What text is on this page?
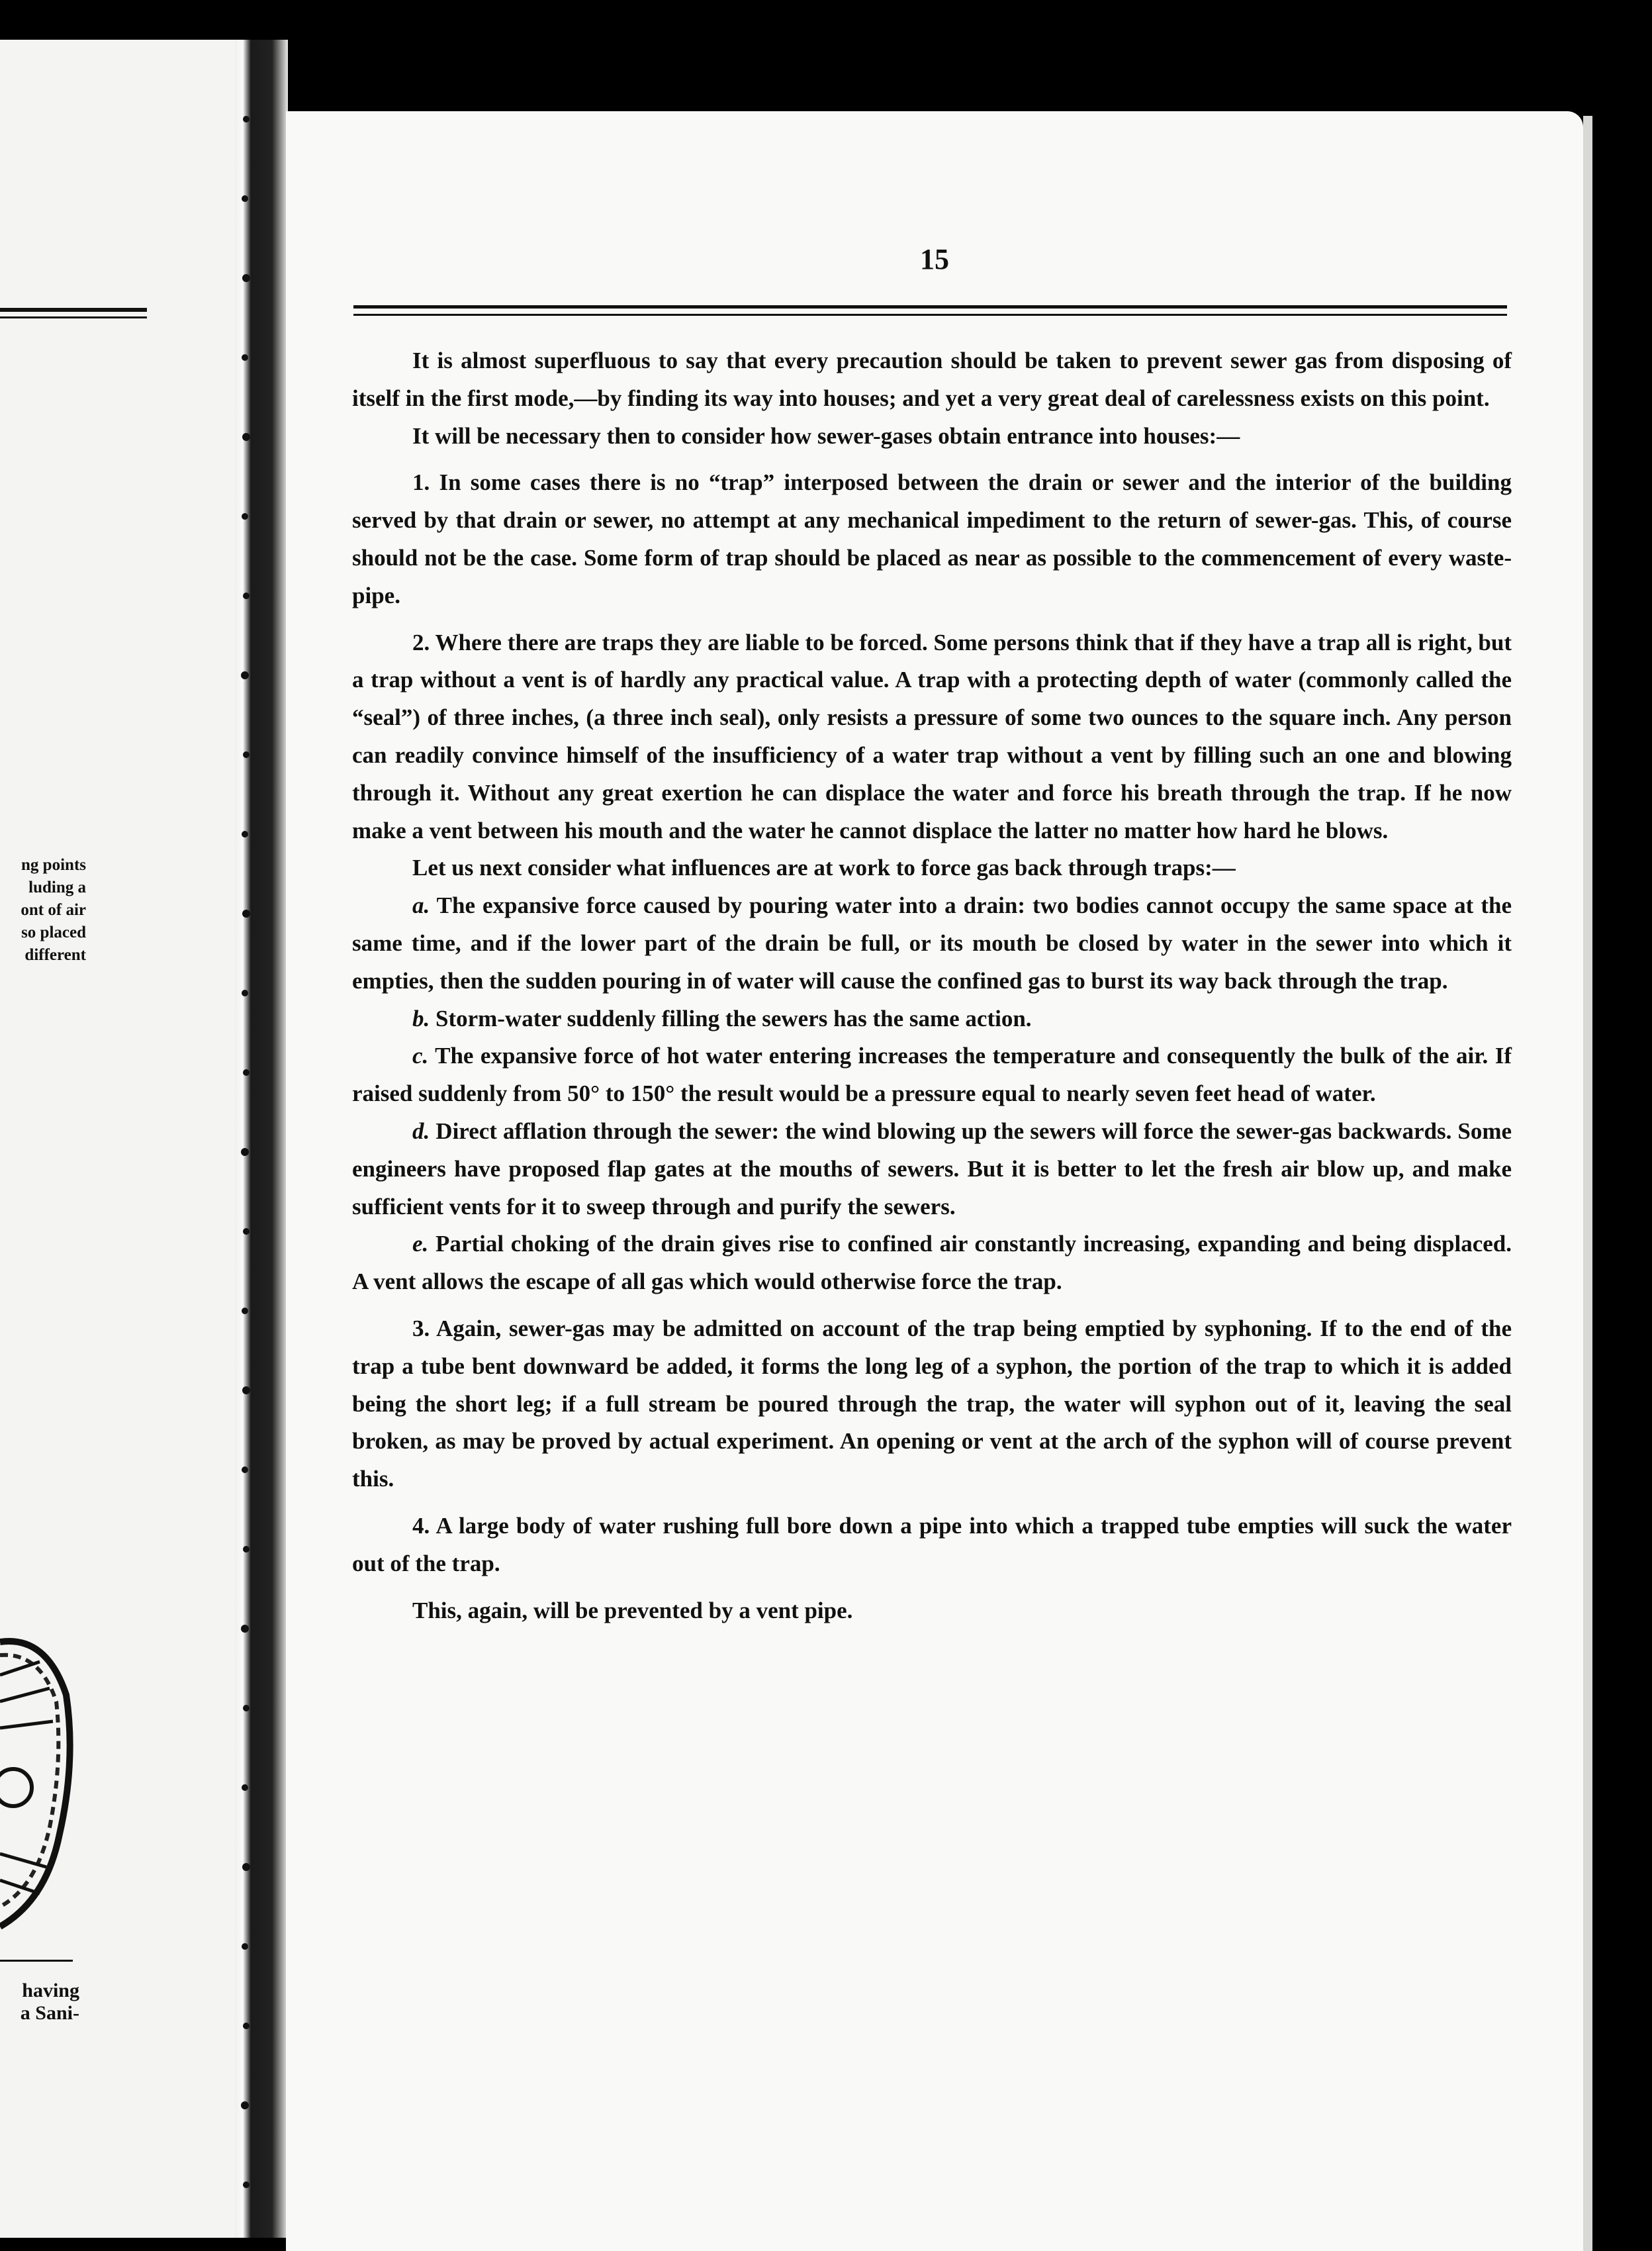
ng points
luding a
ont of air
so placed
different
having
a Sani-
15

It is almost superfluous to say that every precaution should be taken to prevent sewer gas from disposing of itself in the first mode,—by finding its way into houses; and yet a very great deal of carelessness exists on this point.

It will be necessary then to consider how sewer-gases obtain entrance into houses:—

1. In some cases there is no “trap” interposed between the drain or sewer and the interior of the building served by that drain or sewer, no attempt at any mechanical impediment to the return of sewer-gas. This, of course should not be the case. Some form of trap should be placed as near as possible to the commencement of every waste-pipe.

2. Where there are traps they are liable to be forced. Some persons think that if they have a trap all is right, but a trap without a vent is of hardly any practical value. A trap with a protecting depth of water (commonly called the “seal”) of three inches, (a three inch seal), only resists a pressure of some two ounces to the square inch. Any person can readily convince himself of the insufficiency of a water trap without a vent by filling such an one and blowing through it. Without any great exertion he can displace the water and force his breath through the trap. If he now make a vent between his mouth and the water he cannot displace the latter no matter how hard he blows.

Let us next consider what influences are at work to force gas back through traps:—

a. The expansive force caused by pouring water into a drain: two bodies cannot occupy the same space at the same time, and if the lower part of the drain be full, or its mouth be closed by water in the sewer into which it empties, then the sudden pouring in of water will cause the confined gas to burst its way back through the trap.

b. Storm-water suddenly filling the sewers has the same action.

c. The expansive force of hot water entering increases the temperature and consequently the bulk of the air. If raised suddenly from 50° to 150° the result would be a pressure equal to nearly seven feet head of water.

d. Direct afflation through the sewer: the wind blowing up the sewers will force the sewer-gas backwards. Some engineers have proposed flap gates at the mouths of sewers. But it is better to let the fresh air blow up, and make sufficient vents for it to sweep through and purify the sewers.

e. Partial choking of the drain gives rise to confined air constantly increasing, expanding and being displaced. A vent allows the escape of all gas which would otherwise force the trap.

3. Again, sewer-gas may be admitted on account of the trap being emptied by syphoning. If to the end of the trap a tube bent downward be added, it forms the long leg of a syphon, the portion of the trap to which it is added being the short leg; if a full stream be poured through the trap, the water will syphon out of it, leaving the seal broken, as may be proved by actual experiment. An opening or vent at the arch of the syphon will of course prevent this.

4. A large body of water rushing full bore down a pipe into which a trapped tube empties will suck the water out of the trap.

This, again, will be prevented by a vent pipe.
